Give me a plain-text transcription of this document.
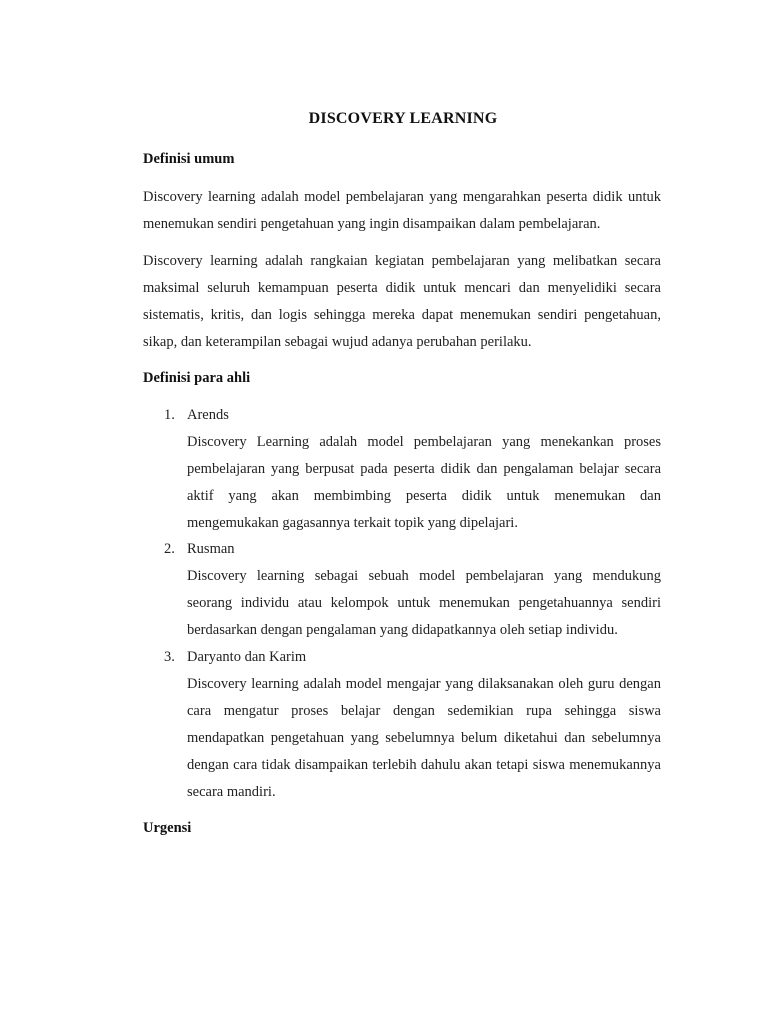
DISCOVERY LEARNING
Definisi umum

Discovery learning adalah model pembelajaran yang mengarahkan peserta didik untuk menemukan sendiri pengetahuan yang ingin disampaikan dalam pembelajaran.

Discovery learning adalah rangkaian kegiatan pembelajaran yang melibatkan secara maksimal seluruh kemampuan peserta didik untuk mencari dan menyelidiki secara sistematis, kritis, dan logis sehingga mereka dapat menemukan sendiri pengetahuan, sikap, dan keterampilan sebagai wujud adanya perubahan perilaku.

Definisi para ahli
1. Arends

Discovery Learning adalah model pembelajaran yang menekankan proses pembelajaran yang berpusat pada peserta didik dan pengalaman belajar secara aktif yang akan membimbing peserta didik untuk menemukan dan mengemukakan gagasannya terkait topik yang dipelajari.

2. Rusman

Discovery learning sebagai sebuah model pembelajaran yang mendukung seorang individu atau kelompok untuk menemukan pengetahuannya sendiri berdasarkan dengan pengalaman yang didapatkannya oleh setiap individu.

3. Daryanto dan Karim

Discovery learning adalah model mengajar yang dilaksanakan oleh guru dengan cara mengatur proses belajar dengan sedemikian rupa sehingga siswa mendapatkan pengetahuan yang sebelumnya belum diketahui dan sebelumnya dengan cara tidak disampaikan terlebih dahulu akan tetapi siswa menemukannya secara mandiri.

Urgensi
